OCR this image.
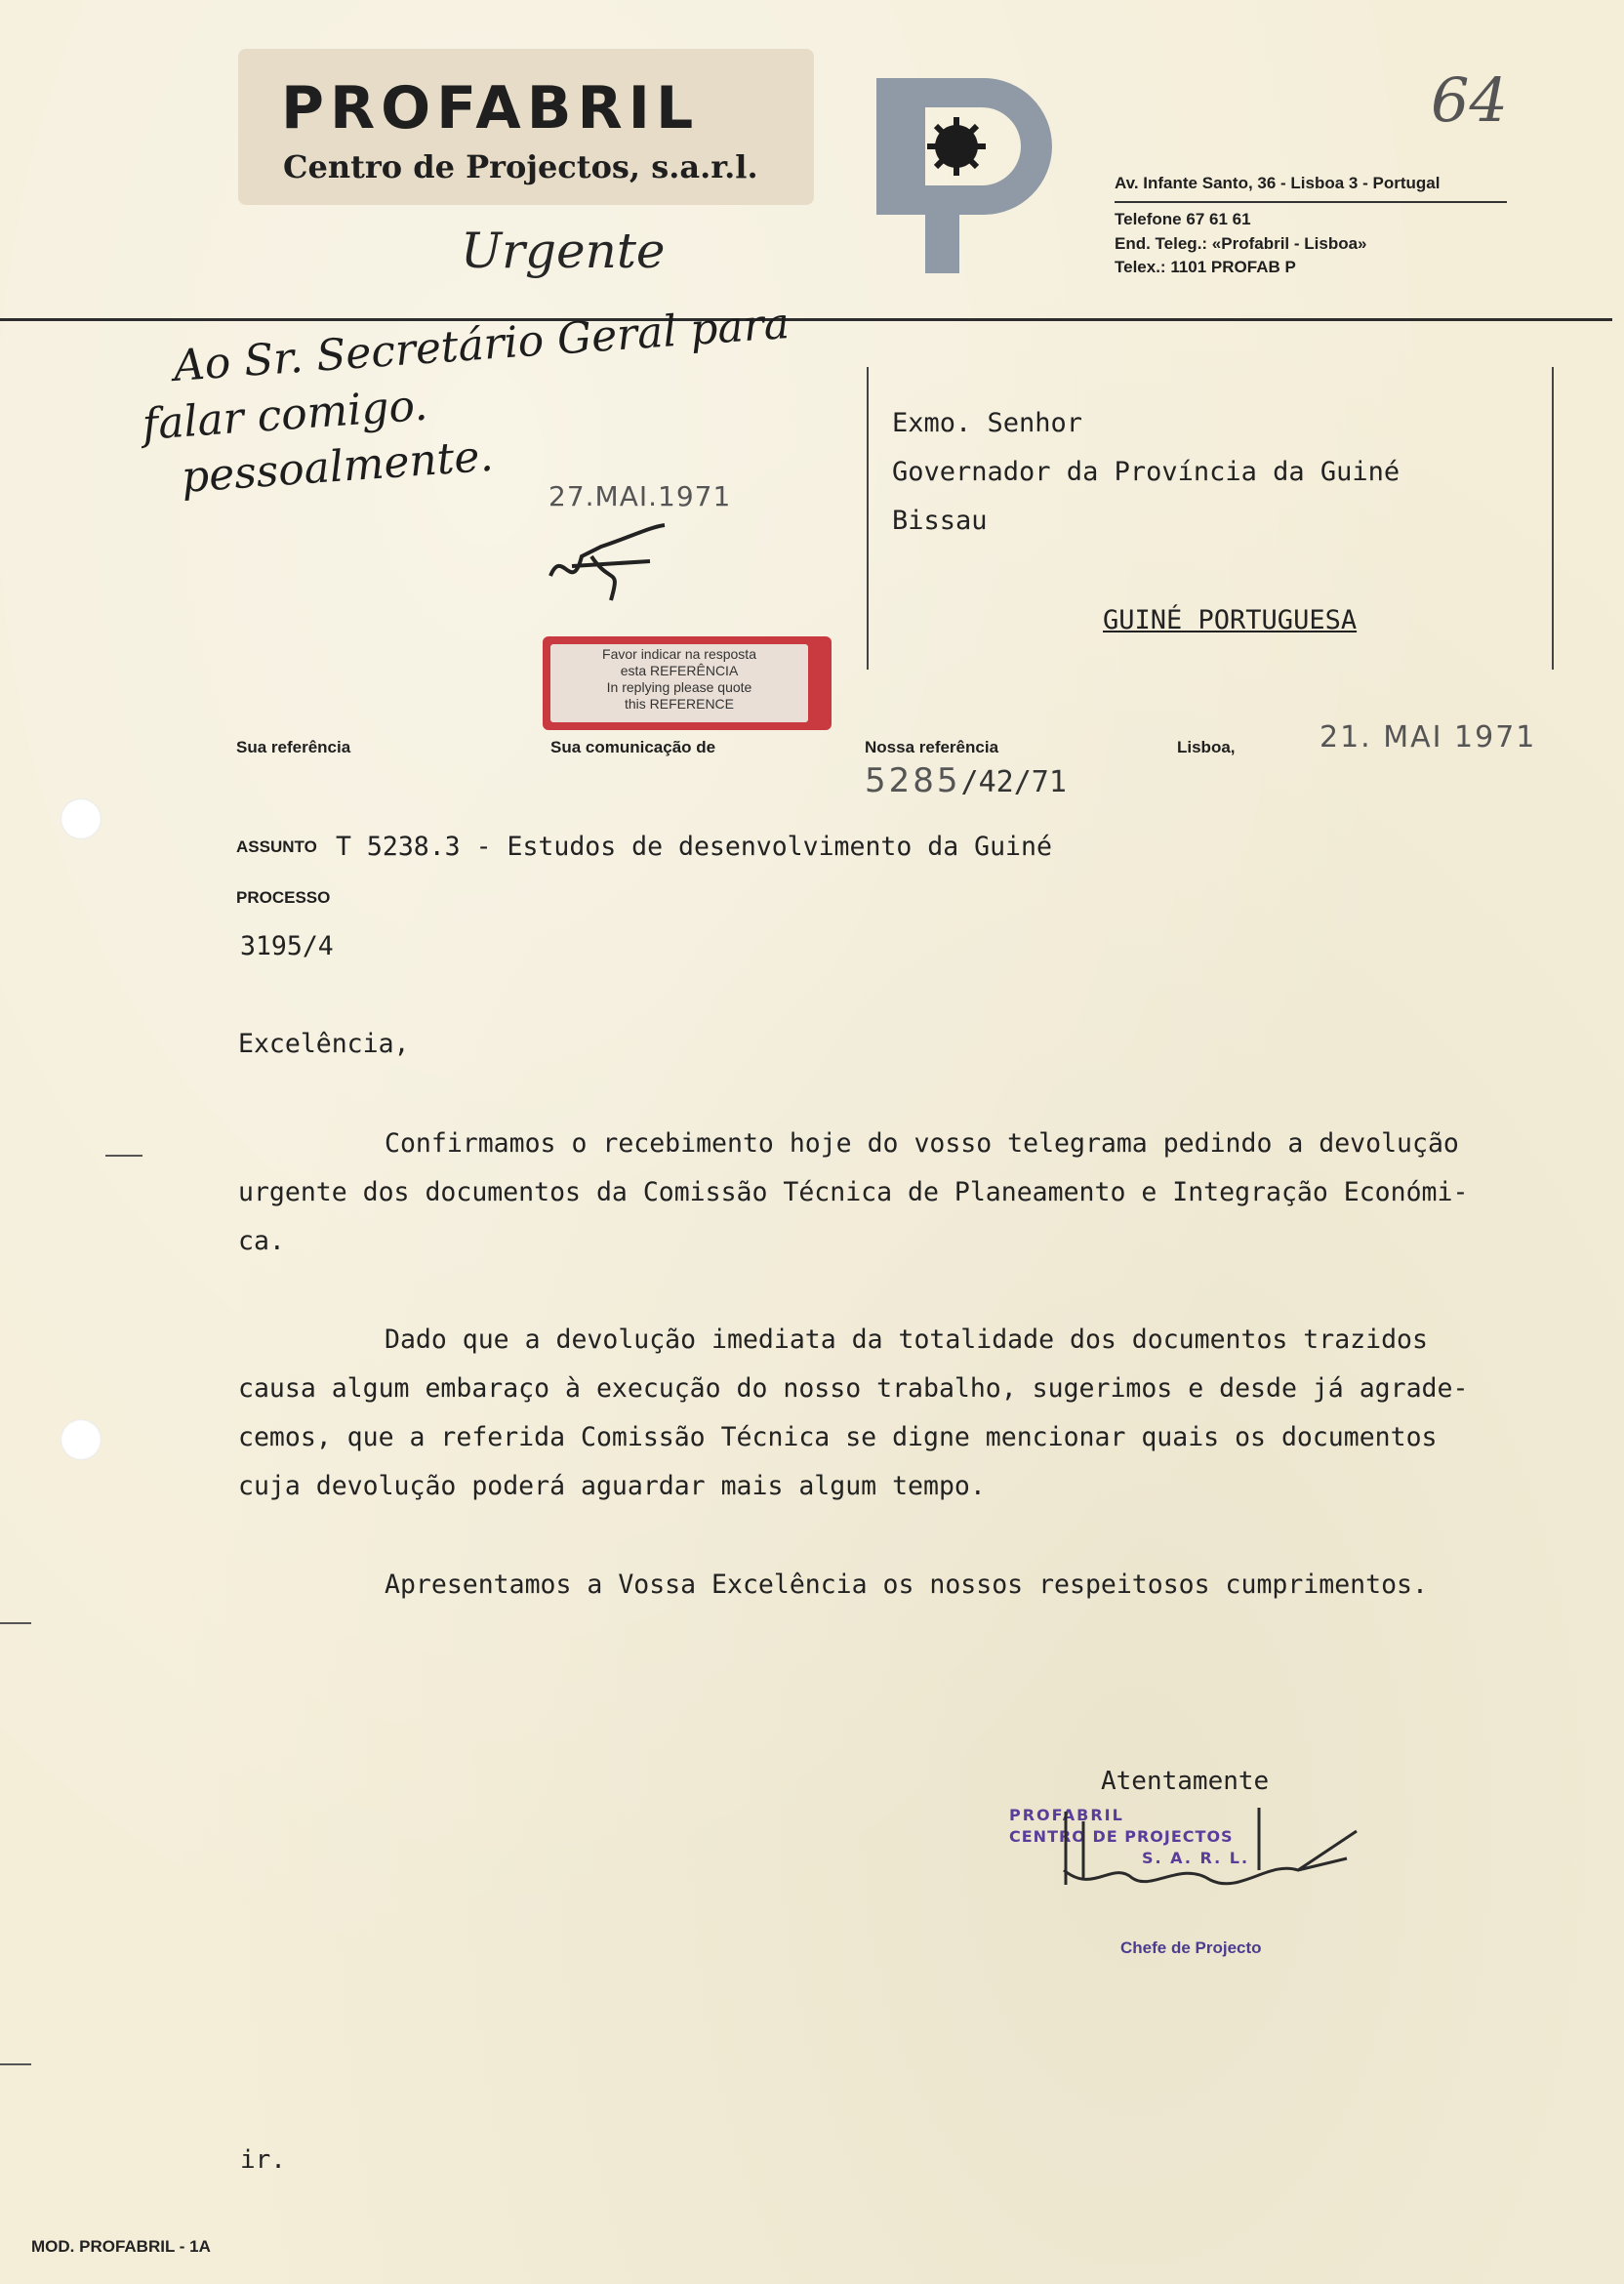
PROFABRIL
Centro de Projectos, s.a.r.l.
64
Av. Infante Santo, 36 - Lisboa 3 - Portugal
Telefone 67 61 61
End. Teleg.: «Profabril - Lisboa»
Telex.: 1101 PROFAB P
Urgente
Ao Sr. Secretário Geral para
falar comigo.
pessoalmente. 27.MAI.1971
Exmo. Senhor
Governador da Província da Guiné
Bissau
GUINÉ PORTUGUESA
Favor indicar na resposta
esta REFERÊNCIA
In replying please quote
this REFERENCE
Sua referência	Sua comunicação de	Nossa referência	Lisboa,	21. MAI 1971
5285/42/71
ASSUNTO T 5238.3 - Estudos de desenvolvimento da Guiné
PROCESSO
3195/4
Excelência,
Confirmamos o recebimento hoje do vosso telegrama pedindo a devolução
urgente dos documentos da Comissão Técnica de Planeamento e Integração Económi-
ca.
Dado que a devolução imediata da totalidade dos documentos trazidos
causa algum embaraço à execução do nosso trabalho, sugerimos e desde já agrade-
cemos, que a referida Comissão Técnica se digne mencionar quais os documentos
cuja devolução poderá aguardar mais algum tempo.
Apresentamos a Vossa Excelência os nossos respeitosos cumprimentos.
Atentamente
PROFABRIL
CENTRO DE PROJECTOS
S. A. R. L.
Chefe de Projecto
ir.
MOD. PROFABRIL - 1A
